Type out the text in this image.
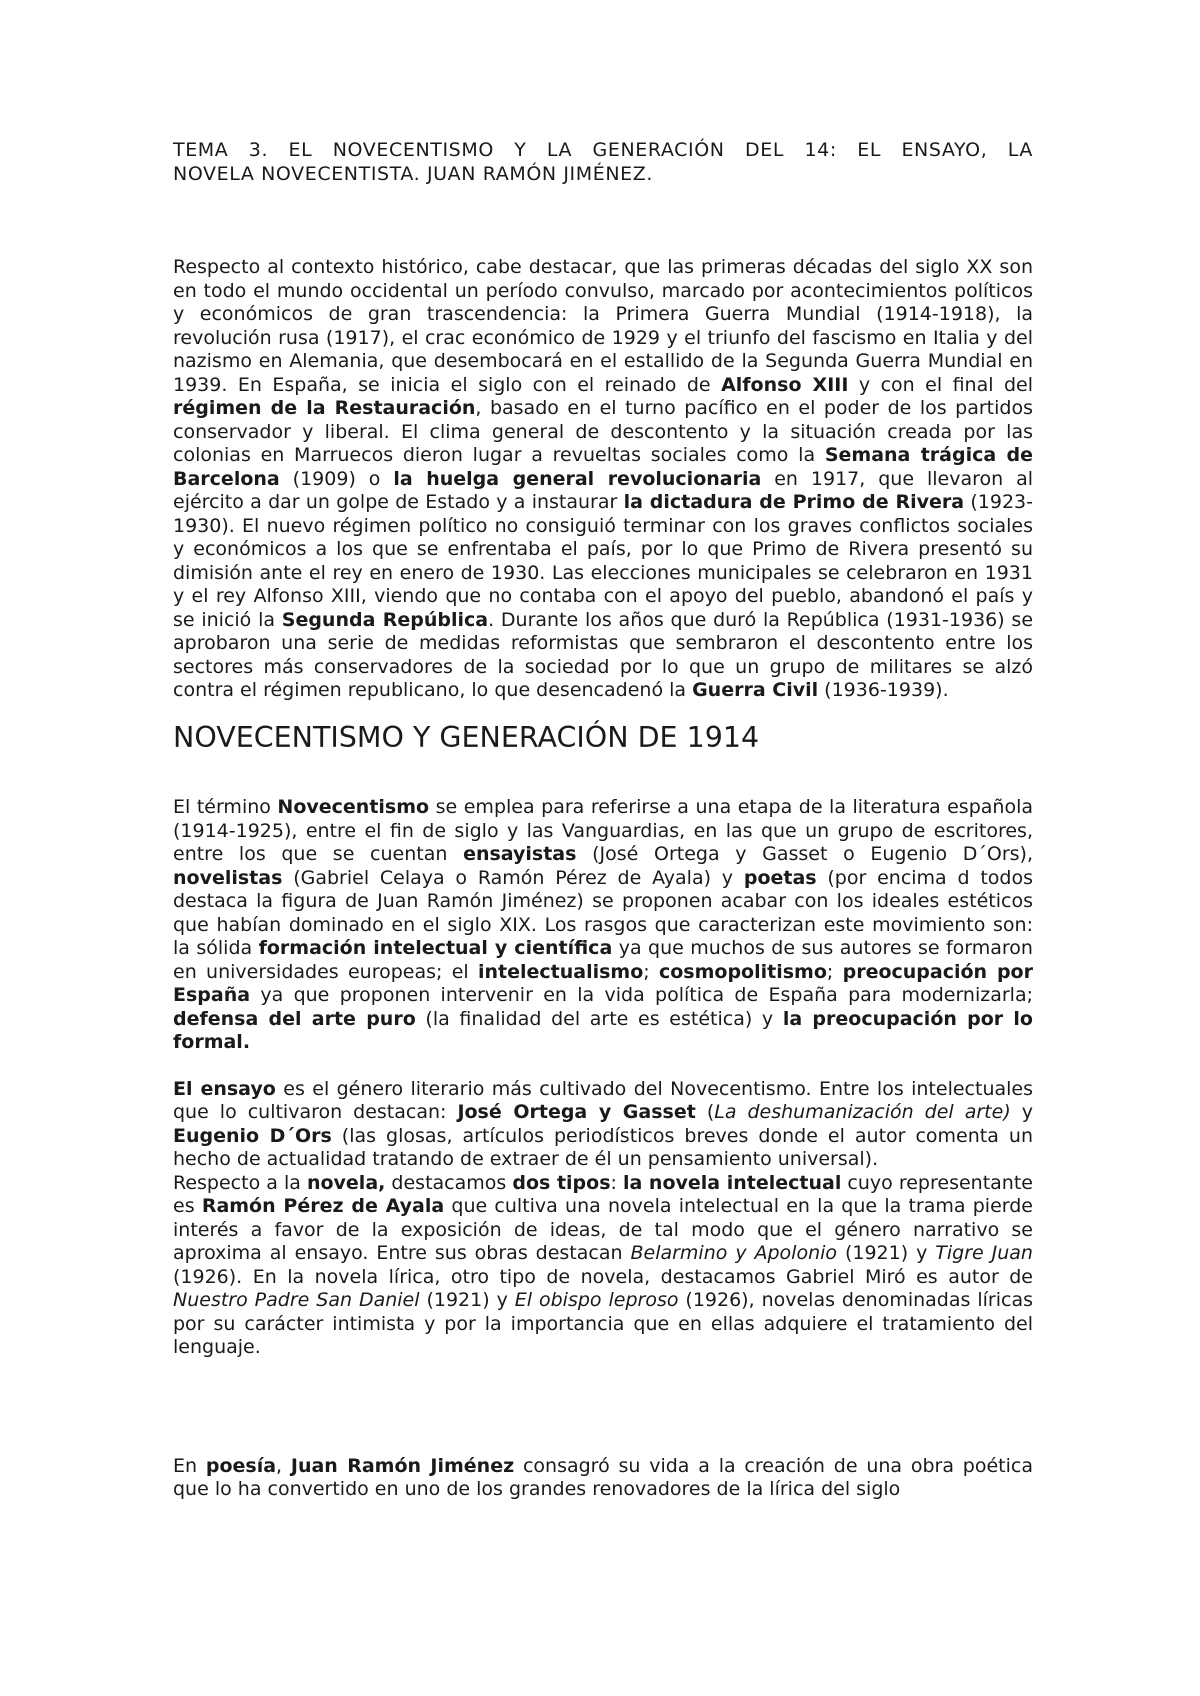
TEMA 3. EL NOVECENTISMO Y LA GENERACIÓN DEL 14: EL ENSAYO, LA
NOVELA NOVECENTISTA. JUAN RAMÓN JIMÉNEZ.

Respecto al contexto histórico, cabe destacar, que las primeras décadas del siglo XX son en todo el mundo occidental un período convulso, marcado por acontecimientos políticos y económicos de gran trascendencia: la Primera Guerra Mundial (1914-1918), la revolución rusa (1917), el crac económico de 1929 y el triunfo del fascismo en Italia y del nazismo en Alemania, que desembocará en el estallido de la Segunda Guerra Mundial en 1939. En España, se inicia el siglo con el reinado de Alfonso XIII y con el final del régimen de la Restauración, basado en el turno pacífico en el poder de los partidos conservador y liberal. El clima general de descontento y la situación creada por las colonias en Marruecos dieron lugar a revueltas sociales como la Semana trágica de Barcelona (1909) o la huelga general revolucionaria en 1917, que llevaron al ejército a dar un golpe de Estado y a instaurar la dictadura de Primo de Rivera (1923-1930). El nuevo régimen político no consiguió terminar con los graves conflictos sociales y económicos a los que se enfrentaba el país, por lo que Primo de Rivera presentó su dimisión ante el rey en enero de 1930. Las elecciones municipales se celebraron en 1931 y el rey Alfonso XIII, viendo que no contaba con el apoyo del pueblo, abandonó el país y se inició la Segunda República. Durante los años que duró la República (1931-1936) se aprobaron una serie de medidas reformistas que sembraron el descontento entre los sectores más conservadores de la sociedad por lo que un grupo de militares se alzó contra el régimen republicano, lo que desencadenó la Guerra Civil (1936-1939).

NOVECENTISMO Y GENERACIÓN DE 1914

El término Novecentismo se emplea para referirse a una etapa de la literatura española (1914-1925), entre el fin de siglo y las Vanguardias, en las que un grupo de escritores, entre los que se cuentan ensayistas (José Ortega y Gasset o Eugenio D´Ors), novelistas (Gabriel Celaya o Ramón Pérez de Ayala) y poetas (por encima d todos destaca la figura de Juan Ramón Jiménez) se proponen acabar con los ideales estéticos que habían dominado en el siglo XIX. Los rasgos que caracterizan este movimiento son: la sólida formación intelectual y científica ya que muchos de sus autores se formaron en universidades europeas; el intelectualismo; cosmopolitismo; preocupación por España ya que proponen intervenir en la vida política de España para modernizarla; defensa del arte puro (la finalidad del arte es estética) y la preocupación por lo formal.

El ensayo es el género literario más cultivado del Novecentismo. Entre los intelectuales que lo cultivaron destacan: José Ortega y Gasset (La deshumanización del arte) y Eugenio D´Ors (las glosas, artículos periodísticos breves donde el autor comenta un hecho de actualidad tratando de extraer de él un pensamiento universal).

Respecto a la novela, destacamos dos tipos: la novela intelectual cuyo representante es Ramón Pérez de Ayala que cultiva una novela intelectual en la que la trama pierde interés a favor de la exposición de ideas, de tal modo que el género narrativo se aproxima al ensayo. Entre sus obras destacan Belarmino y Apolonio (1921) y Tigre Juan (1926). En la novela lírica, otro tipo de novela, destacamos Gabriel Miró es autor de Nuestro Padre San Daniel (1921) y El obispo leproso (1926), novelas denominadas líricas por su carácter intimista y por la importancia que en ellas adquiere el tratamiento del lenguaje.

En poesía, Juan Ramón Jiménez consagró su vida a la creación de una obra poética que lo ha convertido en uno de los grandes renovadores de la lírica del siglo
